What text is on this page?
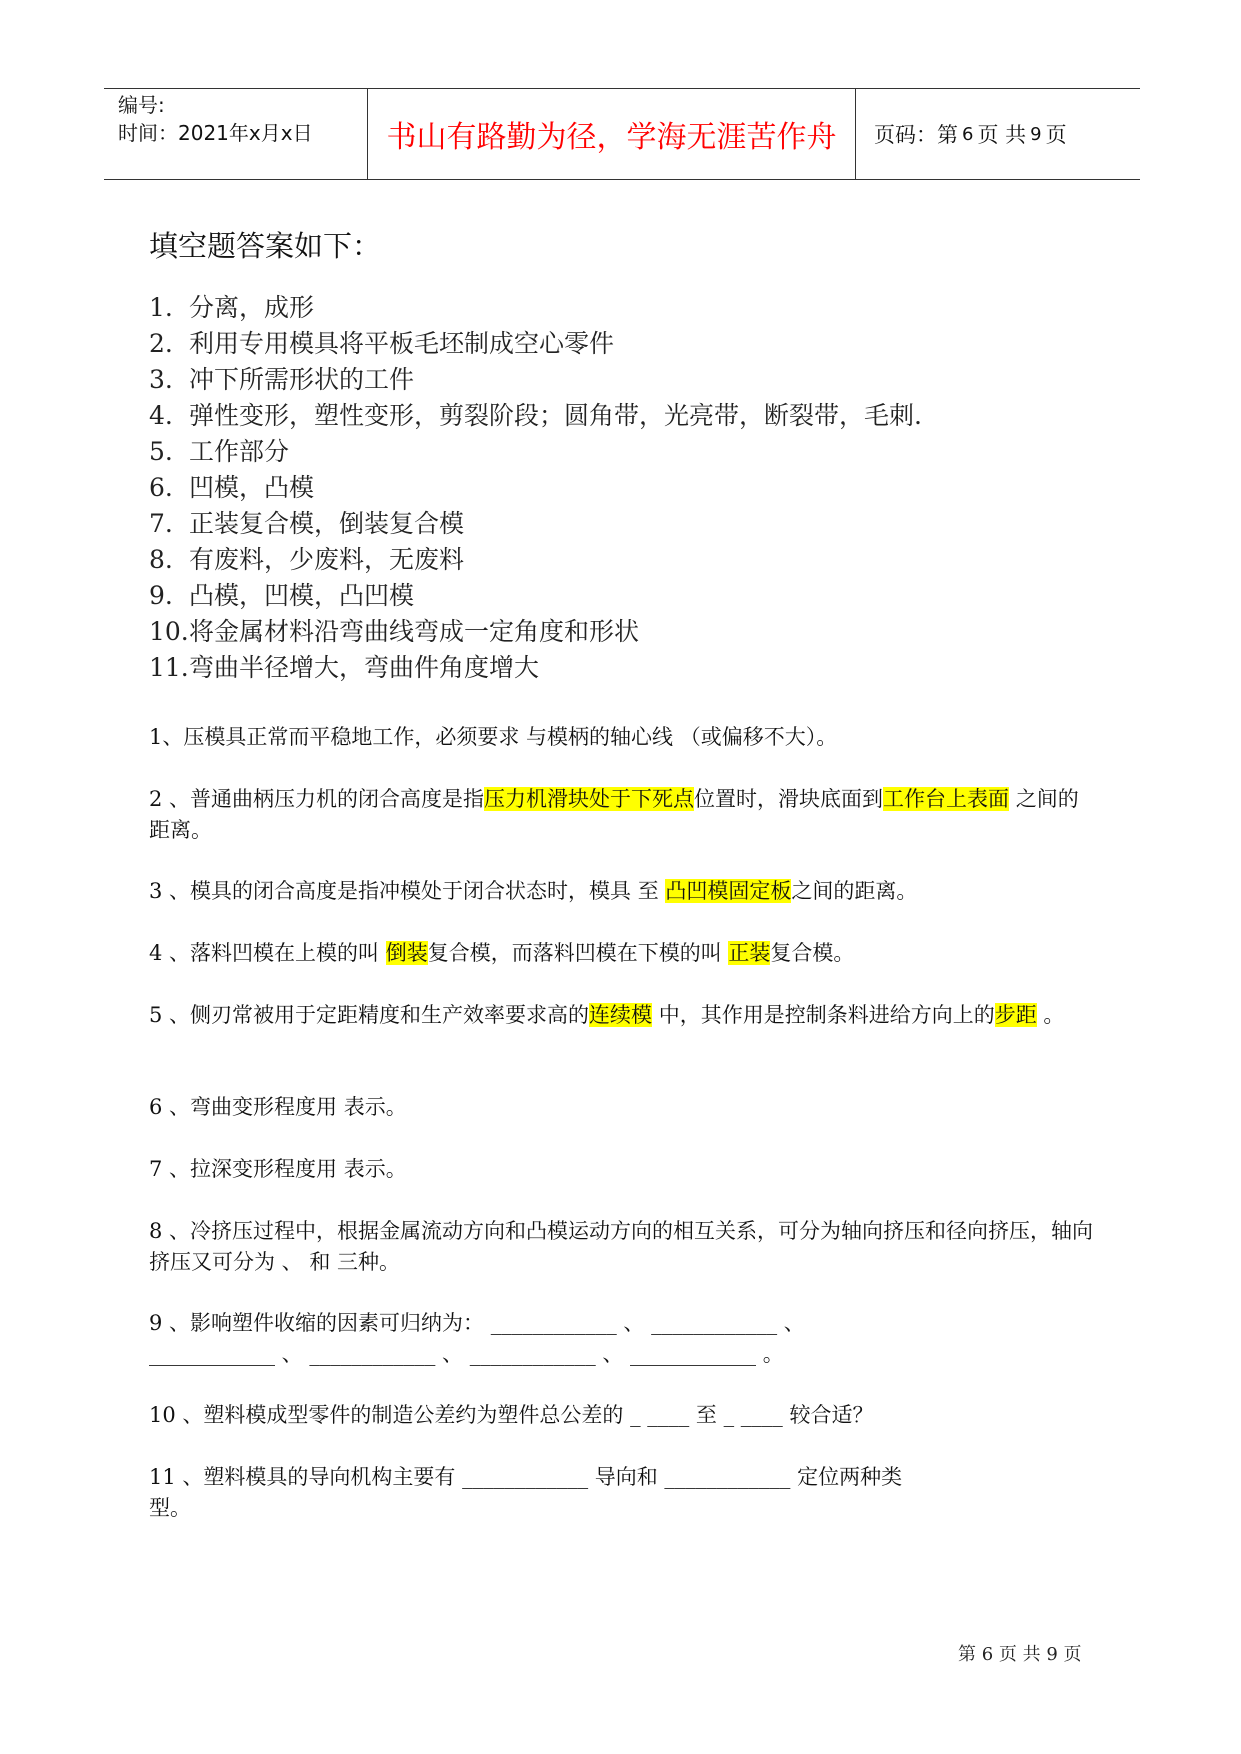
编号:
时间：2021年x月x日	书山有路勤为径，学海无涯苦作舟	页码：第 6 页 共 9 页
填空题答案如下：
1. 分离，成形
2. 利用专用模具将平板毛坯制成空心零件
3. 冲下所需形状的工件
4. 弹性变形，塑性变形，剪裂阶段；圆角带，光亮带，断裂带，毛刺.
5. 工作部分
6. 凹模，凸模
7. 正装复合模，倒装复合模
8. 有废料，少废料，无废料
9. 凸模，凹模，凸凹模
10.将金属材料沿弯曲线弯成一定角度和形状
11.弯曲半径增大，弯曲件角度增大
1、压模具正常而平稳地工作，必须要求 与模柄的轴心线 （或偏移不大）。
2 、普通曲柄压力机的闭合高度是指压力机滑块处于下死点位置时，滑块底面到工作台上表面 之间的距离。
3 、模具的闭合高度是指冲模处于闭合状态时，模具 至 凸凹模固定板之间的距离。
4 、落料凹模在上模的叫 倒装复合模，而落料凹模在下模的叫 正装复合模。
5 、侧刃常被用于定距精度和生产效率要求高的连续模 中，其作用是控制条料进给方向上的步距 。
6 、弯曲变形程度用 表示。
7 、拉深变形程度用 表示。
8 、冷挤压过程中，根据金属流动方向和凸模运动方向的相互关系，可分为轴向挤压和径向挤压，轴向挤压又可分为 、 和 三种。
9 、影响塑件收缩的因素可归纳为： ____________ 、 ____________ 、
____________ 、 ____________ 、 ____________ 、 ____________ 。
10 、塑料模成型零件的制造公差约为塑件总公差的 _ ____ 至 _ ____ 较合适？
11 、塑料模具的导向机构主要有 ____________ 导向和 ____________ 定位两种类
型。
第 6 页 共 9 页
